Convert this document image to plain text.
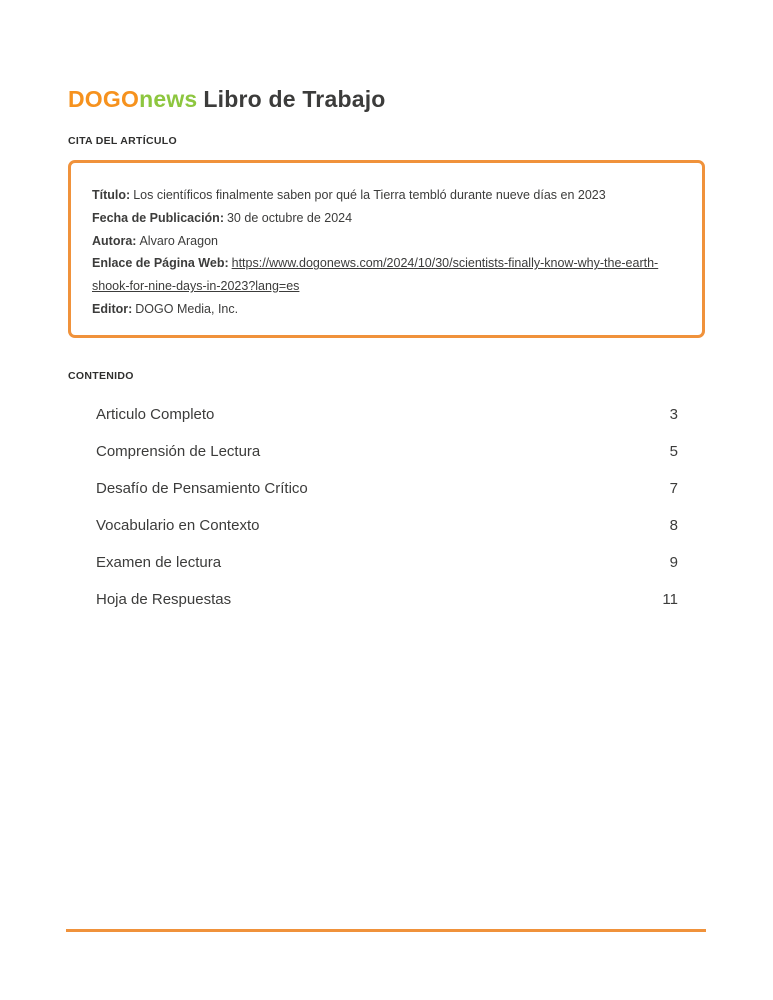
DOGOnews Libro de Trabajo
CITA DEL ARTÍCULO

Título: Los científicos finalmente saben por qué la Tierra tembló durante nueve días en 2023

Fecha de Publicación: 30 de octubre de 2024

Autora: Alvaro Aragon

Enlace de Página Web: https://www.dogonews.com/2024/10/30/scientists-finally-know-why-the-earth-shook-for-nine-days-in-2023?lang=es

Editor: DOGO Media, Inc.

CONTENIDO
Articulo Completo	3
Comprensión de Lectura	5
Desafío de Pensamiento Crítico	7
Vocabulario en Contexto	8
Examen de lectura	9
Hoja de Respuestas	11
